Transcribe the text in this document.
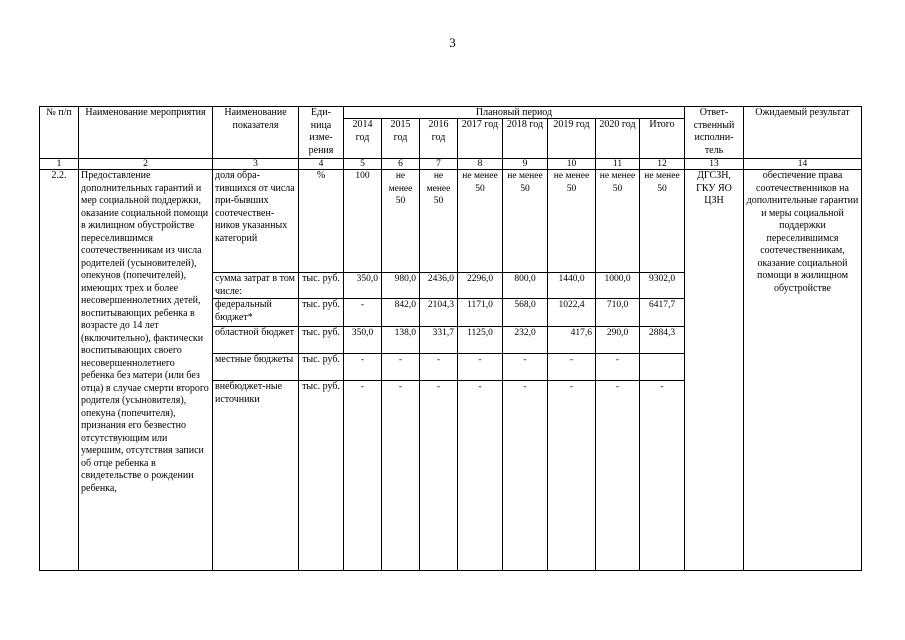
3
№ п/п	Наименование мероприятия	Наименование показателя	Еди-ница изме-рения	Плановый период								Ответ-ственный исполни-тель	Ожидаемый результат
				2014 год	2015 год	2016 год	2017 год	2018 год	2019 год	2020 год	Итого		
1	2	3	4	5	6	7	8	9	10	11	12	13	14
2.2.	Предоставление дополнительных гарантий и мер социальной поддержки, оказание социальной помощи в жилищном обустройстве переселившимся соотечественникам из числа родителей (усыновителей), опекунов (попечителей), имеющих трех и более несовершеннолетних детей, воспитывающих ребенка в возрасте до 14 лет (включительно), фактически воспитывающих своего несовершеннолетнего ребенка без матери (или без отца) в случае смерти второго родителя (усыновителя), опекуна (попечителя), признания его безвестно отсутствующим или умершим, отсутствия записи об отце ребенка в свидетельстве о рождении ребенка,	доля обра-тившихся от числа при-бывших соотечествен-ников указанных категорий	%	100	не менее 50	не менее 50	не менее 50	не менее 50	не менее 50	не менее 50	не менее 50	ДГСЗН, ГКУ ЯО ЦЗН	обеспечение права соотечественников на дополнительные гарантии и меры социальной поддержки переселившимся соотечественникам, оказание социальной помощи в жилищном обустройстве
		сумма затрат в том числе:	тыс. руб.	350,0	980,0	2436,0	2296,0	800,0	1440,0	1000,0	9302,0		
		федеральный бюджет*	тыс. руб.	-	842,0	2104,3	1171,0	568,0	1022,4	710,0	6417,7		
		областной бюджет	тыс. руб.	350,0	138,0	331,7	1125,0	232,0	417,6	290,0	2884,3		
		местные бюджеты	тыс. руб.	-	-	-	-	-	-	-			
		внебюджет-ные источники	тыс. руб.	-	-	-	-	-	-	-	-		
